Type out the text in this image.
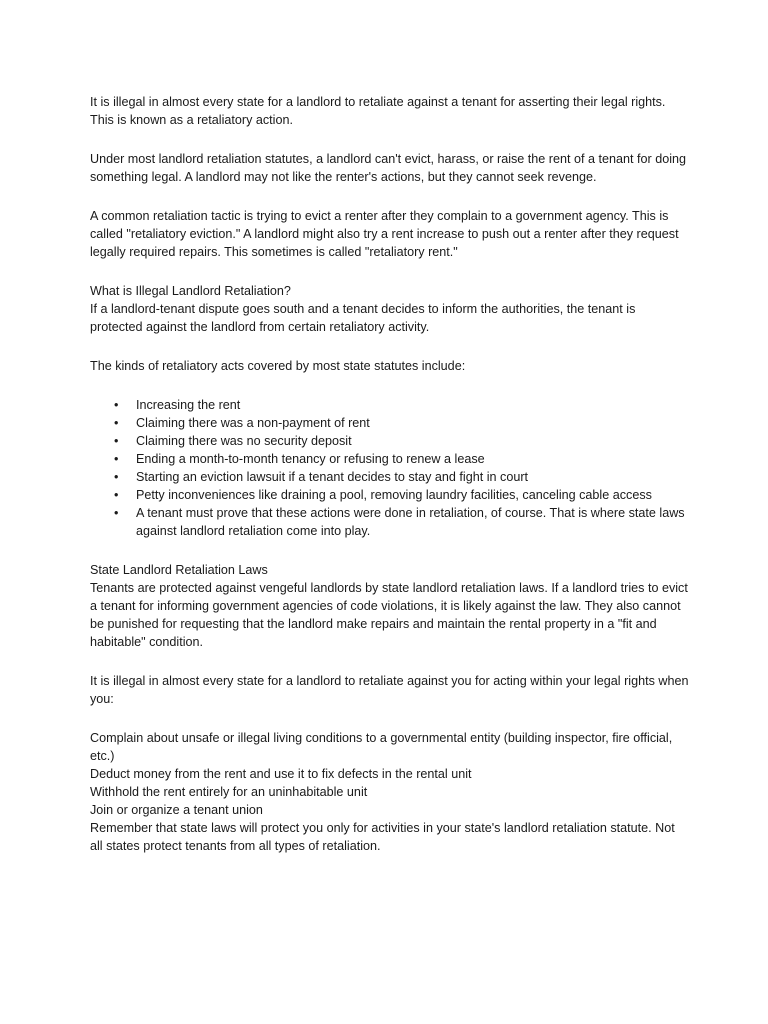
It is illegal in almost every state for a landlord to retaliate against a tenant for asserting their legal rights. This is known as a retaliatory action.

Under most landlord retaliation statutes, a landlord can't evict, harass, or raise the rent of a tenant for doing something legal. A landlord may not like the renter's actions, but they cannot seek revenge.

A common retaliation tactic is trying to evict a renter after they complain to a government agency. This is called "retaliatory eviction." A landlord might also try a rent increase to push out a renter after they request legally required repairs. This sometimes is called "retaliatory rent."

What is Illegal Landlord Retaliation?

If a landlord-tenant dispute goes south and a tenant decides to inform the authorities, the tenant is protected against the landlord from certain retaliatory activity.

The kinds of retaliatory acts covered by most state statutes include:

• Increasing the rent
• Claiming there was a non-payment of rent
• Claiming there was no security deposit
• Ending a month-to-month tenancy or refusing to renew a lease
• Starting an eviction lawsuit if a tenant decides to stay and fight in court
• Petty inconveniences like draining a pool, removing laundry facilities, canceling cable access
• A tenant must prove that these actions were done in retaliation, of course. That is where state laws against landlord retaliation come into play.

State Landlord Retaliation Laws

Tenants are protected against vengeful landlords by state landlord retaliation laws. If a landlord tries to evict a tenant for informing government agencies of code violations, it is likely against the law. They also cannot be punished for requesting that the landlord make repairs and maintain the rental property in a "fit and habitable" condition.

It is illegal in almost every state for a landlord to retaliate against you for acting within your legal rights when you:

Complain about unsafe or illegal living conditions to a governmental entity (building inspector, fire official, etc.)

Deduct money from the rent and use it to fix defects in the rental unit

Withhold the rent entirely for an uninhabitable unit

Join or organize a tenant union

Remember that state laws will protect you only for activities in your state's landlord retaliation statute. Not all states protect tenants from all types of retaliation.
